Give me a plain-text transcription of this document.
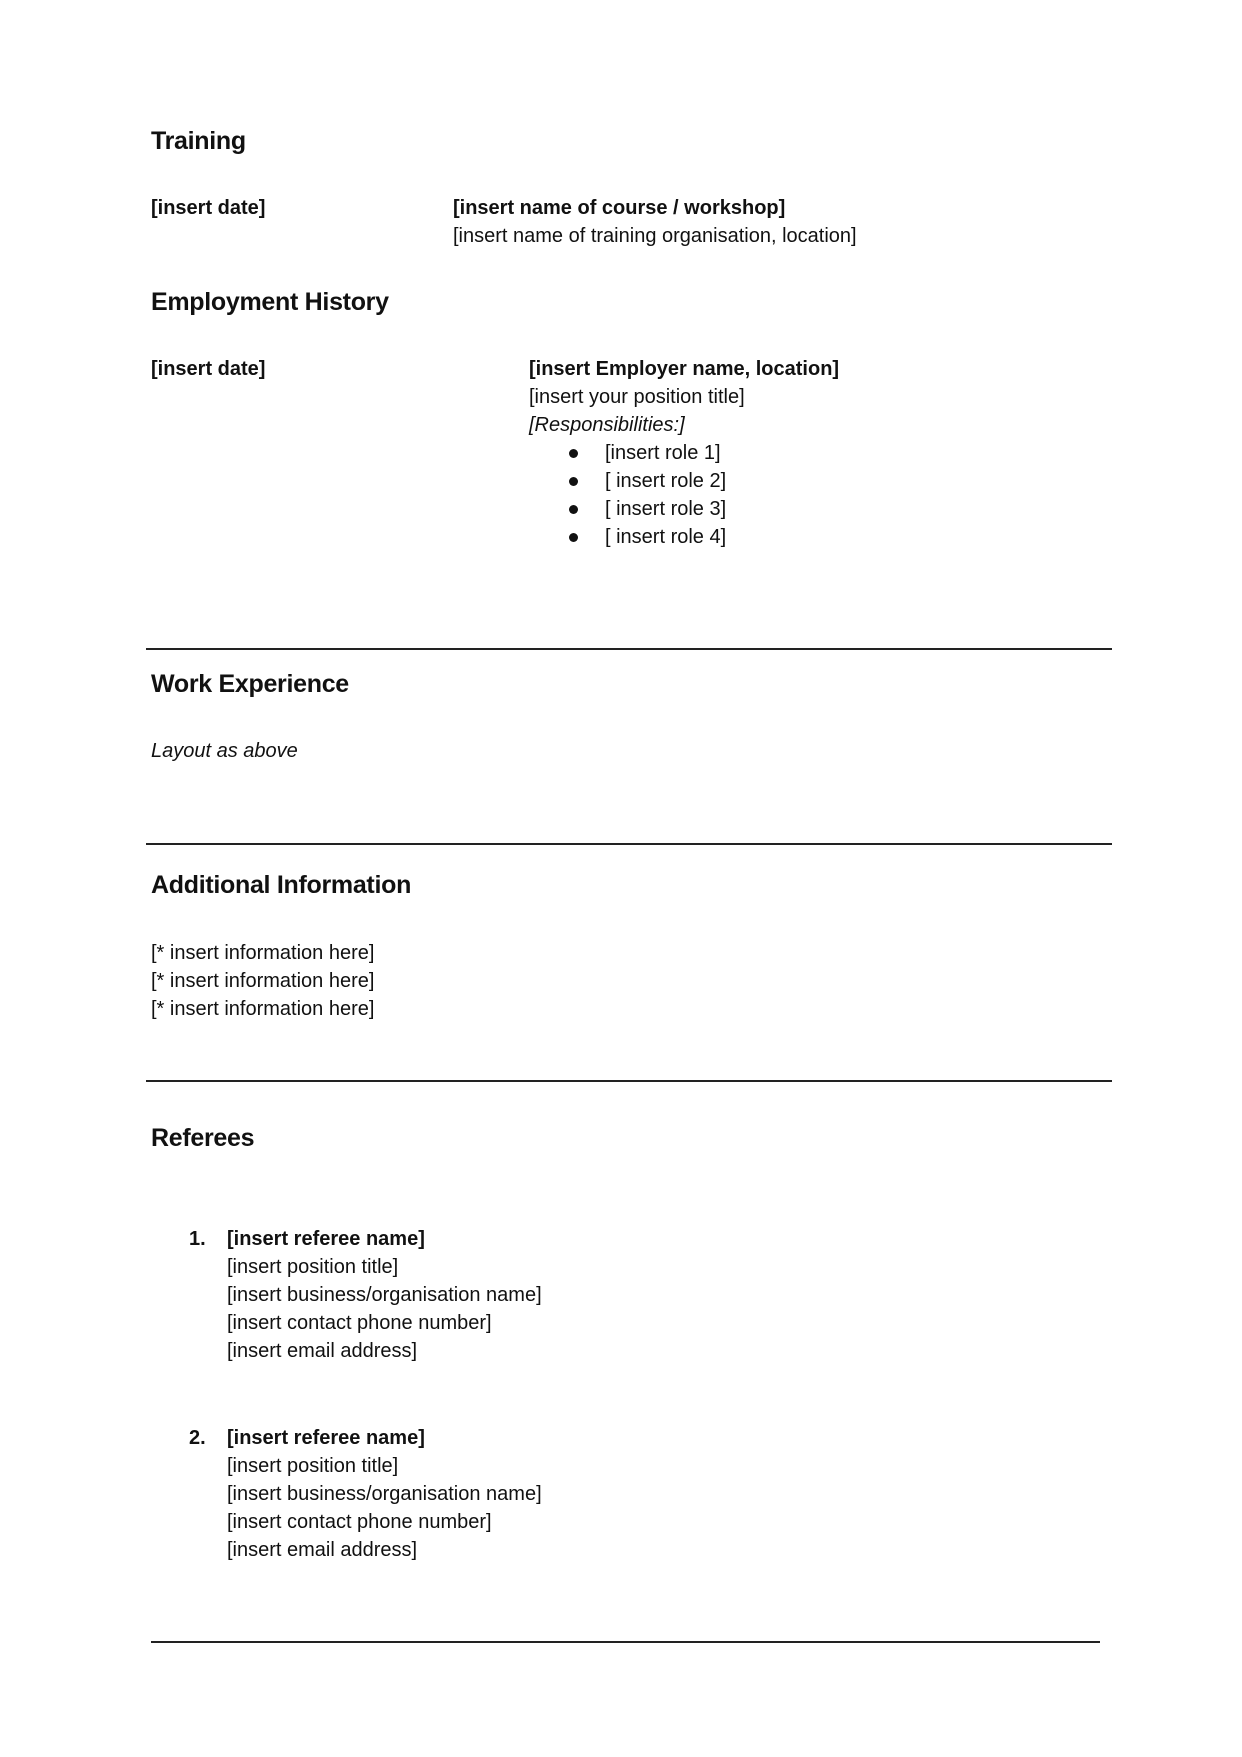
Training
[insert date]	[insert name of course / workshop]
[insert name of training organisation, location]
Employment History
[insert date]	[insert Employer name, location]
[insert your position title]
[Responsibilities:]
[insert role 1]
[ insert role 2]
[ insert role 3]
[ insert role 4]
Work Experience
Layout as above
Additional Information
[* insert information here]
[* insert information here]
[* insert information here]
Referees
1. [insert referee name]
[insert position title]
[insert business/organisation name]
[insert contact phone number]
[insert email address]
2. [insert referee name]
[insert position title]
[insert business/organisation name]
[insert contact phone number]
[insert email address]
